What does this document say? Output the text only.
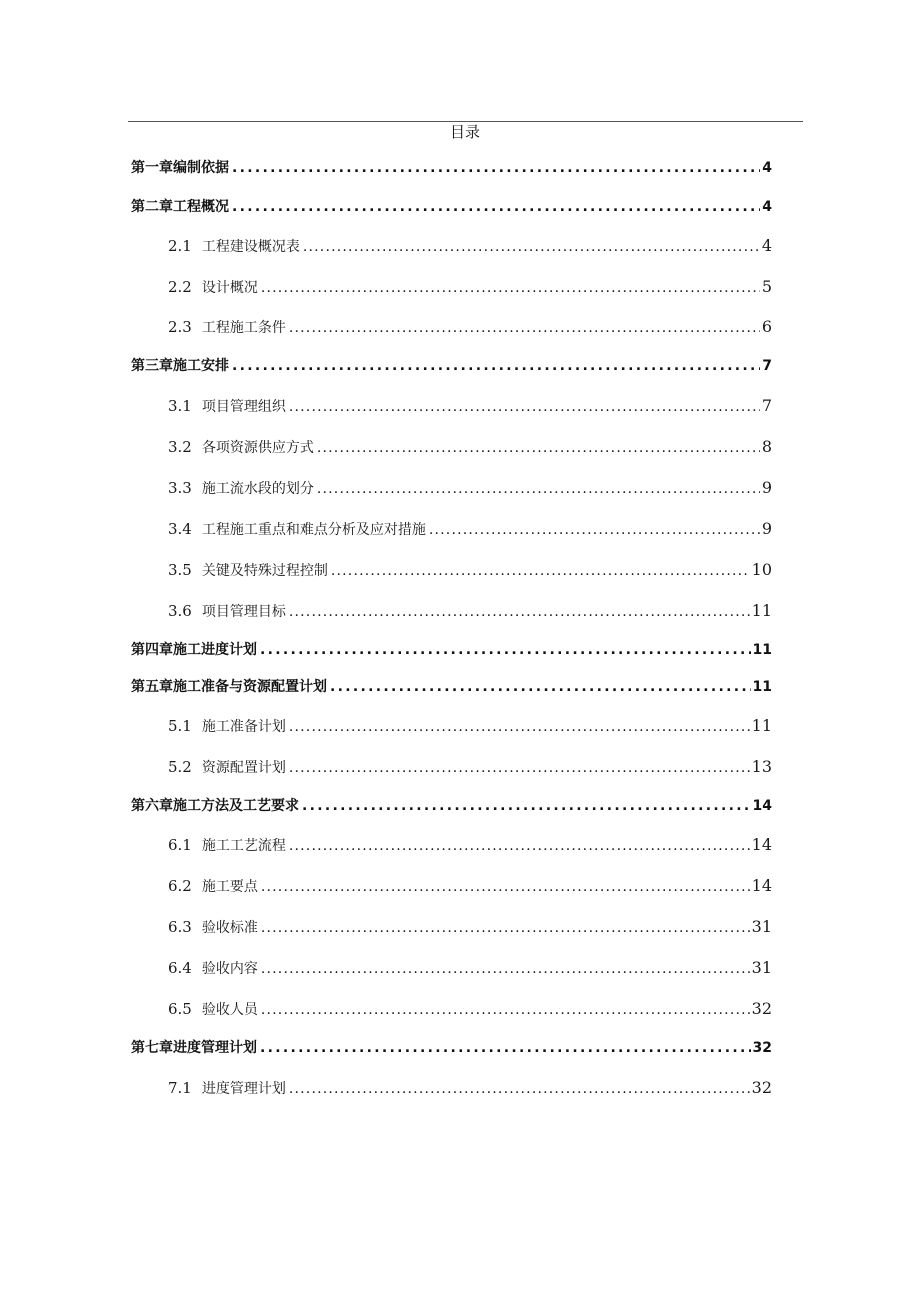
目录
第一章编制依据 .....	4
第二章工程概况 .....	4
2.1 工程建设概况表 .....	4
2.2 设计概况 .....	5
2.3 工程施工条件 .....	6
第三章施工安排 .....	7
3.1 项目管理组织 .....	7
3.2 各项资源供应方式 .....	8
3.3 施工流水段的划分 .....	9
3.4 工程施工重点和难点分析及应对措施 .....	9
3.5 关键及特殊过程控制 .....	10
3.6 项目管理目标 .....	11
第四章施工进度计划 .....	11
第五章施工准备与资源配置计划 .....	11
5.1 施工准备计划 .....	11
5.2 资源配置计划 .....	13
第六章施工方法及工艺要求 .....	14
6.1 施工工艺流程 .....	14
6.2 施工要点 .....	14
6.3 验收标准 .....	31
6.4 验收内容 .....	31
6.5 验收人员 .....	32
第七章进度管理计划 .....	32
7.1 进度管理计划 .....	32
